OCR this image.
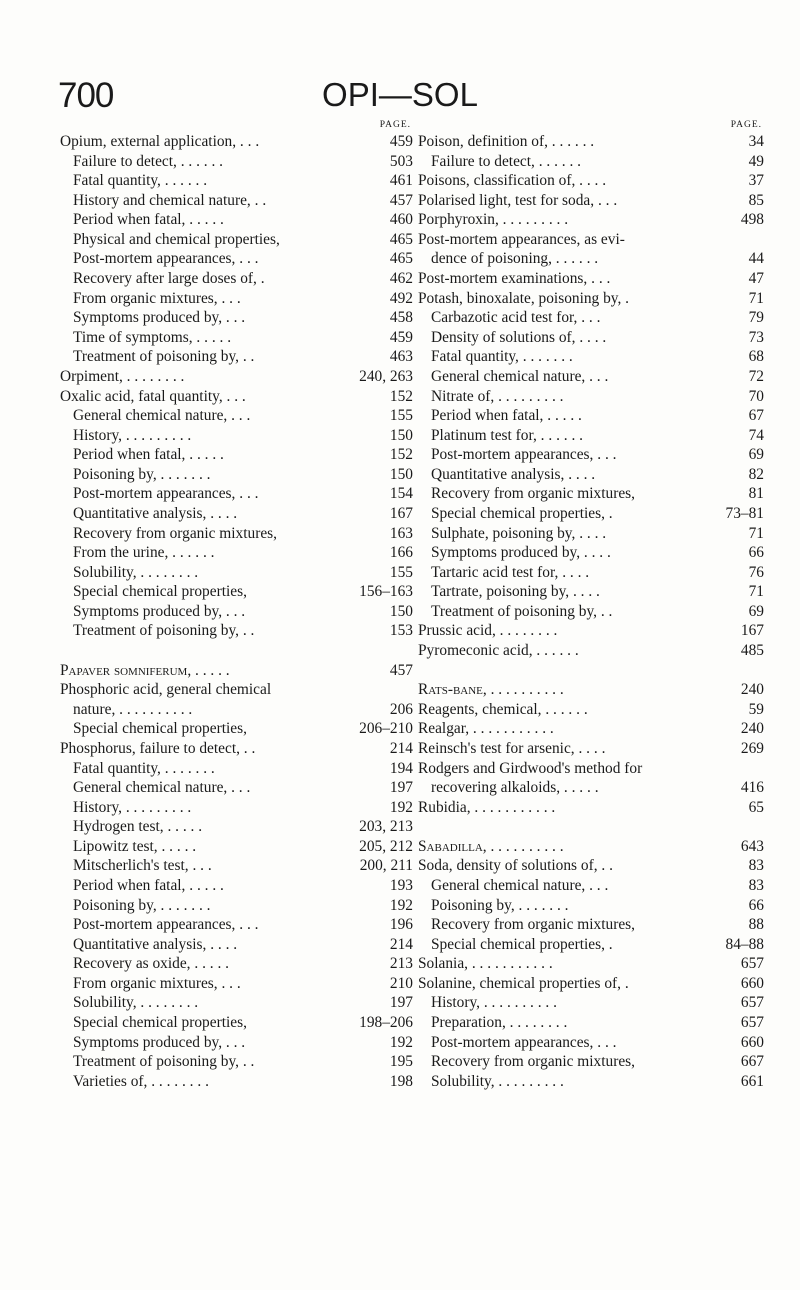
700	OPI—SOL
PAGE.
Opium, external application, . . .	459
Failure to detect, . . . . . .	503
Fatal quantity, . . . . . .	461
History and chemical nature, . .	457
Period when fatal, . . . . .	460
Physical and chemical properties,	465
Post-mortem appearances, . . .	465
Recovery after large doses of, .	462
From organic mixtures, . . .	492
Symptoms produced by, . . .	458
Time of symptoms, . . . . .	459
Treatment of poisoning by, . .	463
Orpiment, . . . . . . . .	240, 263
Oxalic acid, fatal quantity, . . .	152
General chemical nature, . . .	155
History, . . . . . . . . .	150
Period when fatal, . . . . .	152
Poisoning by, . . . . . . .	150
Post-mortem appearances, . . .	154
Quantitative analysis, . . . .	167
Recovery from organic mixtures,	163
From the urine, . . . . . .	166
Solubility, . . . . . . . .	155
Special chemical properties,	156–163
Symptoms produced by, . . .	150
Treatment of poisoning by, . .	153
Papaver somniferum, . . . . .	457
Phosphoric acid, general chemical
nature, . . . . . . . . . .	206
Special chemical properties,	206–210
Phosphorus, failure to detect, . .	214
Fatal quantity, . . . . . . .	194
General chemical nature, . . .	197
History, . . . . . . . . .	192
Hydrogen test, . . . . .	203, 213
Lipowitz test, . . . . .	205, 212
Mitscherlich's test, . . .	200, 211
Period when fatal, . . . . .	193
Poisoning by, . . . . . . .	192
Post-mortem appearances, . . .	196
Quantitative analysis, . . . .	214
Recovery as oxide, . . . . .	213
From organic mixtures, . . .	210
Solubility, . . . . . . . .	197
Special chemical properties,	198–206
Symptoms produced by, . . .	192
Treatment of poisoning by, . .	195
Varieties of, . . . . . . . .	198
PAGE.
Poison, definition of, . . . . . .	34
Failure to detect, . . . . . .	49
Poisons, classification of, . . . .	37
Polarised light, test for soda, . . .	85
Porphyroxin, . . . . . . . . .	498
Post-mortem appearances, as evi-
dence of poisoning, . . . . . .	44
Post-mortem examinations, . . .	47
Potash, binoxalate, poisoning by, .	71
Carbazotic acid test for, . . .	79
Density of solutions of, . . . .	73
Fatal quantity, . . . . . . .	68
General chemical nature, . . .	72
Nitrate of, . . . . . . . . .	70
Period when fatal, . . . . .	67
Platinum test for, . . . . . .	74
Post-mortem appearances, . . .	69
Quantitative analysis, . . . .	82
Recovery from organic mixtures,	81
Special chemical properties, .	73–81
Sulphate, poisoning by, . . . .	71
Symptoms produced by, . . . .	66
Tartaric acid test for, . . . .	76
Tartrate, poisoning by, . . . .	71
Treatment of poisoning by, . .	69
Prussic acid, . . . . . . . .	167
Pyromeconic acid, . . . . . .	485
Rats-bane, . . . . . . . . . .	240
Reagents, chemical, . . . . . .	59
Realgar, . . . . . . . . . . .	240
Reinsch's test for arsenic, . . . .	269
Rodgers and Girdwood's method for
recovering alkaloids, . . . . .	416
Rubidia, . . . . . . . . . . .	65
Sabadilla, . . . . . . . . . .	643
Soda, density of solutions of, . .	83
General chemical nature, . . .	83
Poisoning by, . . . . . . .	66
Recovery from organic mixtures,	88
Special chemical properties, .	84–88
Solania, . . . . . . . . . . .	657
Solanine, chemical properties of, .	660
History, . . . . . . . . . .	657
Preparation, . . . . . . . .	657
Post-mortem appearances, . . .	660
Recovery from organic mixtures,	667
Solubility, . . . . . . . . .	661
